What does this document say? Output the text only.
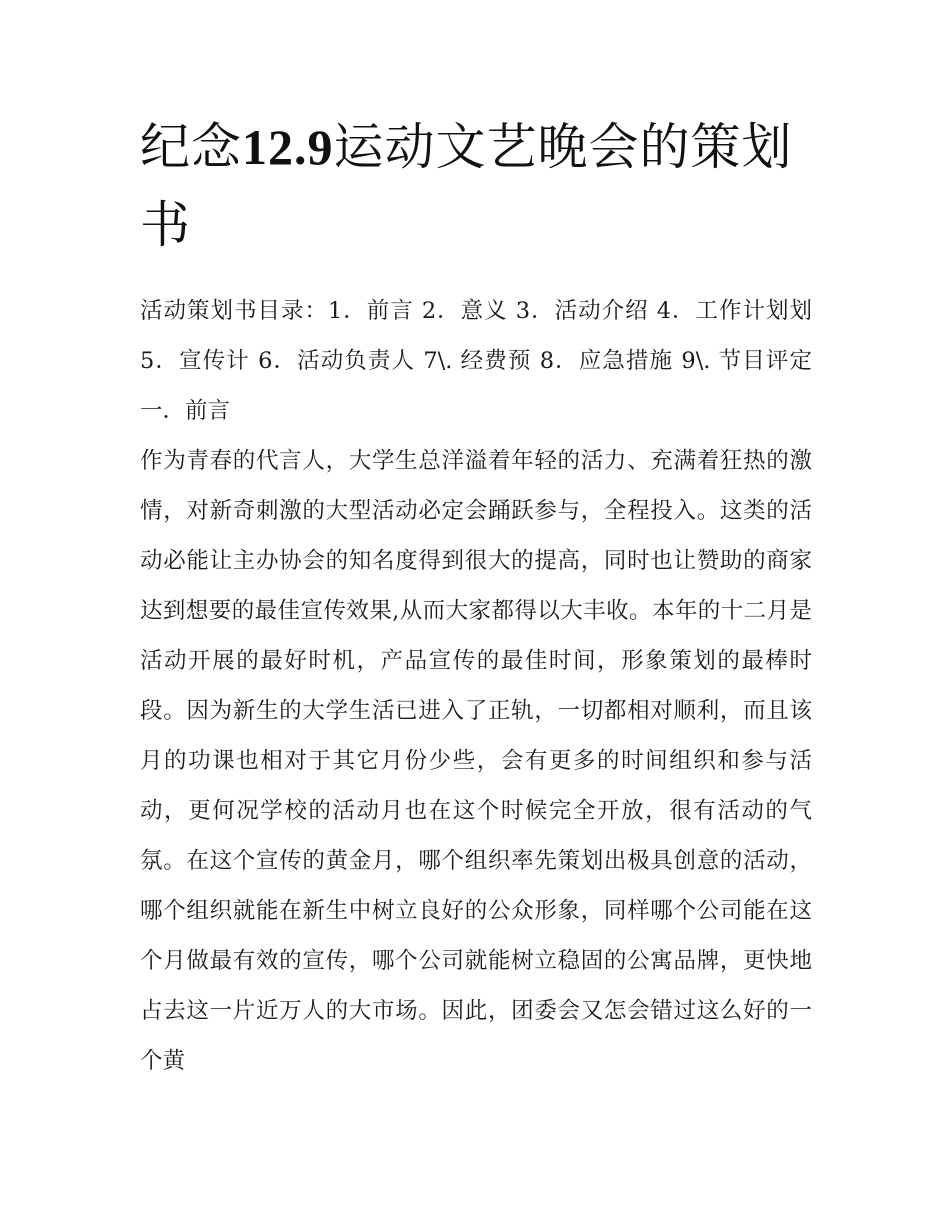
纪念12.9运动文艺晚会的策划书

活动策划书目录：1．前言 2．意义 3．活动介绍 4．工作计划划 5．宣传计 6．活动负责人 7\. 经费预 8．应急措施 9\. 节目评定 一．前言

作为青春的代言人，大学生总洋溢着年轻的活力、充满着狂热的激情，对新奇刺激的大型活动必定会踊跃参与，全程投入。这类的活动必能让主办协会的知名度得到很大的提高，同时也让赞助的商家达到想要的最佳宣传效果,从而大家都得以大丰收。本年的十二月是活动开展的最好时机，产品宣传的最佳时间，形象策划的最棒时段。因为新生的大学生活已进入了正轨，一切都相对顺利，而且该月的功课也相对于其它月份少些，会有更多的时间组织和参与活动，更何况学校的活动月也在这个时候完全开放，很有活动的气氛。在这个宣传的黄金月，哪个组织率先策划出极具创意的活动，哪个组织就能在新生中树立良好的公众形象，同样哪个公司能在这个月做最有效的宣传，哪个公司就能树立稳固的公寓品牌，更快地占去这一片近万人的大市场。因此，团委会又怎会错过这么好的一个黄
